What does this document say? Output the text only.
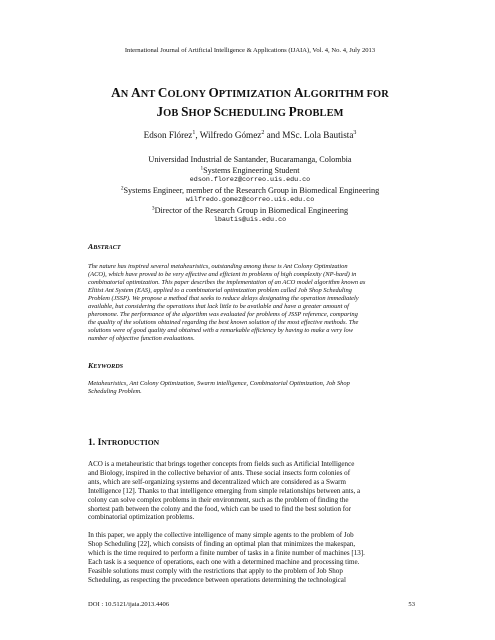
International Journal of Artificial Intelligence & Applications (IJAIA), Vol. 4, No. 4, July 2013
AN ANT COLONY OPTIMIZATION ALGORITHM FOR
JOB SHOP SCHEDULING PROBLEM
Edson Flórez$^1$, Wilfredo Gómez$^2$ and MSc. Lola Bautista$^3$
Universidad Industrial de Santander, Bucaramanga, Colombia
$^1$Systems Engineering Student
edson.florez@correo.uis.edu.co
$^2$Systems Engineer, member of the Research Group in Biomedical Engineering
wilfredo.gomez@correo.uis.edu.co
$^3$Director of the Research Group in Biomedical Engineering
lbautis@uis.edu.co
ABSTRACT
The nature has inspired several metaheuristics, outstanding among these is Ant Colony Optimization
(ACO), which have proved to be very effective and efficient in problems of high complexity (NP-hard) in
combinatorial optimization. This paper describes the implementation of an ACO model algorithm known as
Elitist Ant System (EAS), applied to a combinatorial optimization problem called Job Shop Scheduling
Problem (JSSP). We propose a method that seeks to reduce delays designating the operation immediately
available, but considering the operations that lack little to be available and have a greater amount of
pheromone. The performance of the algorithm was evaluated for problems of JSSP reference, comparing
the quality of the solutions obtained regarding the best known solution of the most effective methods. The
solutions were of good quality and obtained with a remarkable efficiency by having to make a very low
number of objective function evaluations.
KEYWORDS
Metaheuristics, Ant Colony Optimization, Swarm intelligence, Combinatorial Optimization, Job Shop
Scheduling Problem.
1. INTRODUCTION
ACO is a metaheuristic that brings together concepts from fields such as Artificial Intelligence
and Biology, inspired in the collective behavior of ants. These social insects form colonies of
ants, which are self-organizing systems and decentralized which are considered as a Swarm
Intelligence [12]. Thanks to that intelligence emerging from simple relationships between ants, a
colony can solve complex problems in their environment, such as the problem of finding the
shortest path between the colony and the food, which can be used to find the best solution for
combinatorial optimization problems.
In this paper, we apply the collective intelligence of many simple agents to the problem of Job
Shop Scheduling [22], which consists of finding an optimal plan that minimizes the makespan,
which is the time required to perform a finite number of tasks in a finite number of machines [13].
Each task is a sequence of operations, each one with a determined machine and processing time.
Feasible solutions must comply with the restrictions that apply to the problem of Job Shop
Scheduling, as respecting the precedence between operations determining the technological
DOI : 10.5121/ijaia.2013.4406	53
